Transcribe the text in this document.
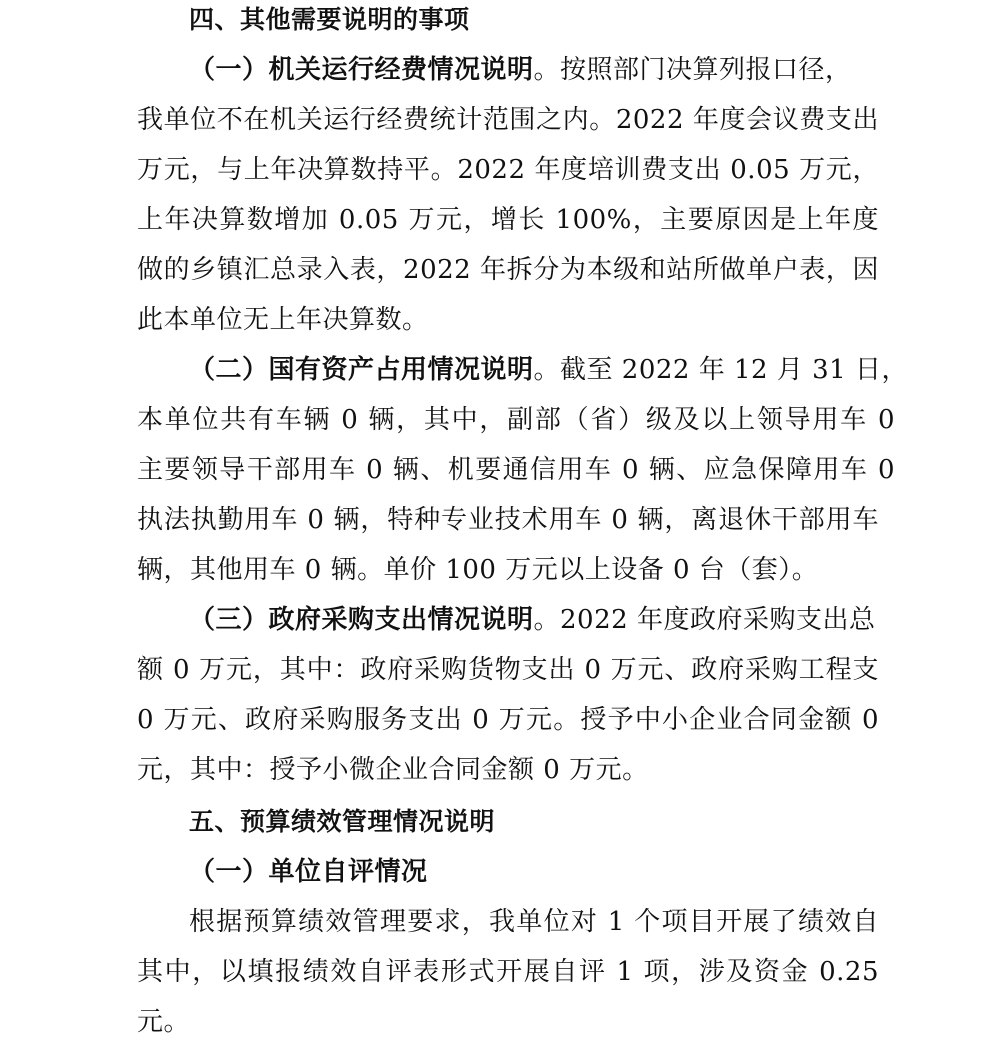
四、其他需要说明的事项
（一）机关运行经费情况说明。按照部门决算列报口径，
我单位不在机关运行经费统计范围之内。2022 年度会议费支出
万元，与上年决算数持平。2022 年度培训费支出 0.05 万元，
上年决算数增加 0.05 万元，增长 100%，主要原因是上年度
做的乡镇汇总录入表，2022 年拆分为本级和站所做单户表，因
此本单位无上年决算数。
（二）国有资产占用情况说明。截至 2022 年 12 月 31 日，
本单位共有车辆 0 辆，其中，副部（省）级及以上领导用车 0
主要领导干部用车 0 辆、机要通信用车 0 辆、应急保障用车 0
执法执勤用车 0 辆，特种专业技术用车 0 辆，离退休干部用车
辆，其他用车 0 辆。单价 100 万元以上设备 0 台（套）。
（三）政府采购支出情况说明。2022 年度政府采购支出总
额 0 万元，其中：政府采购货物支出 0 万元、政府采购工程支
0 万元、政府采购服务支出 0 万元。授予中小企业合同金额 0
元，其中：授予小微企业合同金额 0 万元。
五、预算绩效管理情况说明
（一）单位自评情况
根据预算绩效管理要求，我单位对 1 个项目开展了绩效自
其中，以填报绩效自评表形式开展自评 1 项，涉及资金 0.25
元。
